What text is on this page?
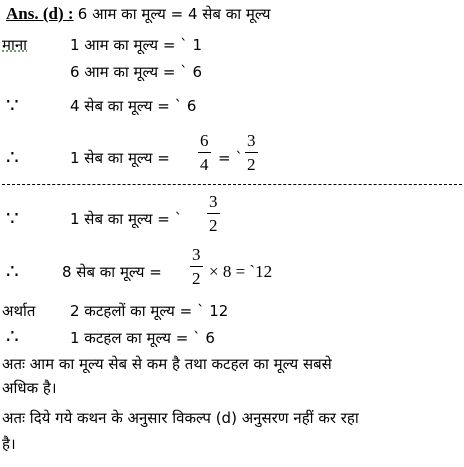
Ans. (d) : 6 आम का मूल्य = 4 सेब का मूल्य
माना	1 आम का मूल्य = ` 1
6 आम का मूल्य = ` 6
∵	4 सेब का मूल्य = ` 6
∴	1 सेब का मूल्य =
6
4 = `
3
2
∵	1 सेब का मूल्य = `
3
2
∴	8 सेब का मूल्य =
3
2 × 8 = `12
अर्थात 2 कटहलों का मूल्य = ` 12
∴	1 कटहल का मूल्य = ` 6
अतः आम का मूल्य सेब से कम है तथा कटहल का मूल्य सबसे
अधिक है।
अतः दिये गये कथन के अनुसार विकल्प (d) अनुसरण नहीं कर रहा
है।
